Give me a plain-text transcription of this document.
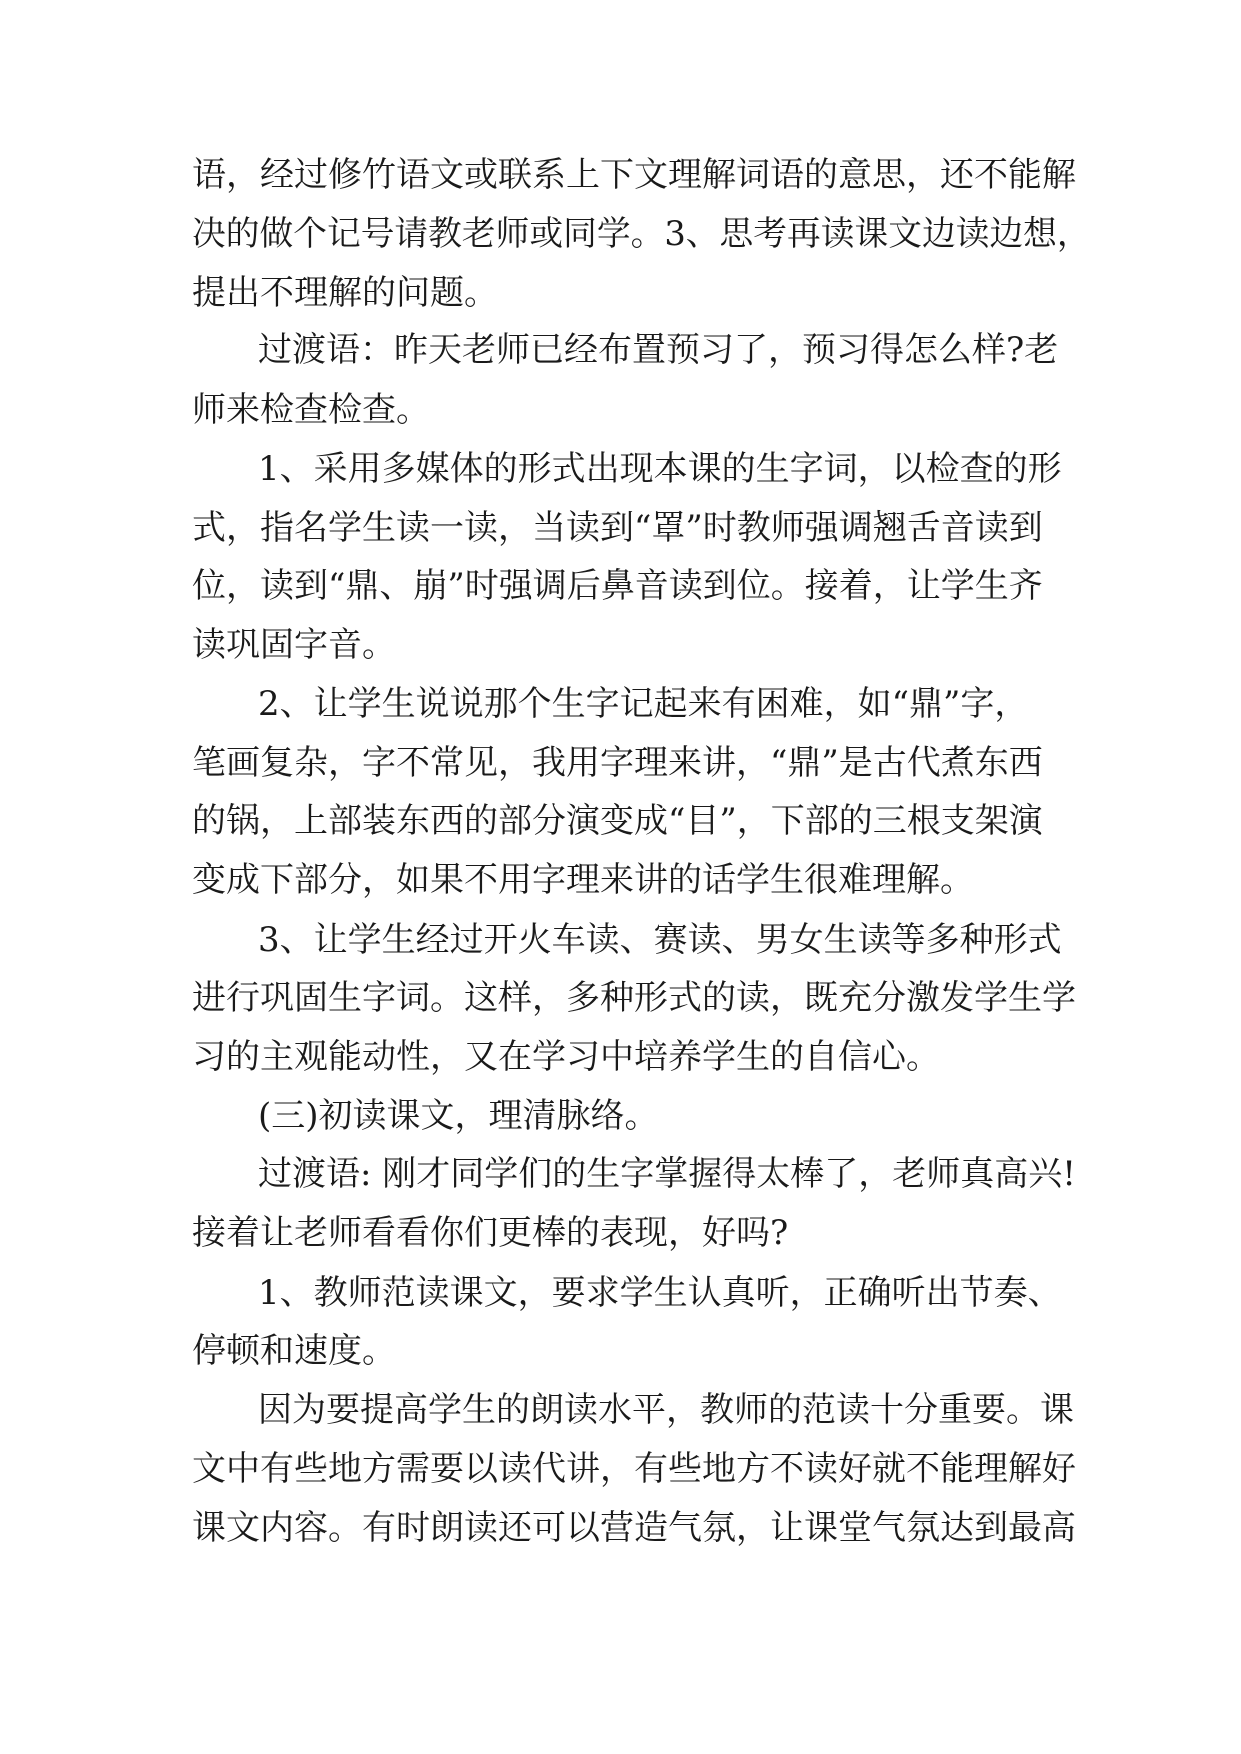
语，经过修竹语文或联系上下文理解词语的意思，还不能解

决的做个记号请教老师或同学。3、思考再读课文边读边想，

提出不理解的问题。

过渡语：昨天老师已经布置预习了，预习得怎么样?老

师来检查检查。

1、采用多媒体的形式出现本课的生字词，以检查的形

式，指名学生读一读，当读到“罩”时教师强调翘舌音读到

位，读到“鼎、崩”时强调后鼻音读到位。接着，让学生齐

读巩固字音。

2、让学生说说那个生字记起来有困难，如“鼎”字，

笔画复杂，字不常见，我用字理来讲，“鼎”是古代煮东西

的锅，上部装东西的部分演变成“目”，下部的三根支架演

变成下部分，如果不用字理来讲的话学生很难理解。

3、让学生经过开火车读、赛读、男女生读等多种形式

进行巩固生字词。这样，多种形式的读，既充分激发学生学

习的主观能动性，又在学习中培养学生的自信心。

(三)初读课文，理清脉络。

过渡语: 刚才同学们的生字掌握得太棒了，老师真高兴!

接着让老师看看你们更棒的表现，好吗?

1、教师范读课文，要求学生认真听，正确听出节奏、

停顿和速度。

因为要提高学生的朗读水平，教师的范读十分重要。课

文中有些地方需要以读代讲，有些地方不读好就不能理解好

课文内容。有时朗读还可以营造气氛，让课堂气氛达到最高
